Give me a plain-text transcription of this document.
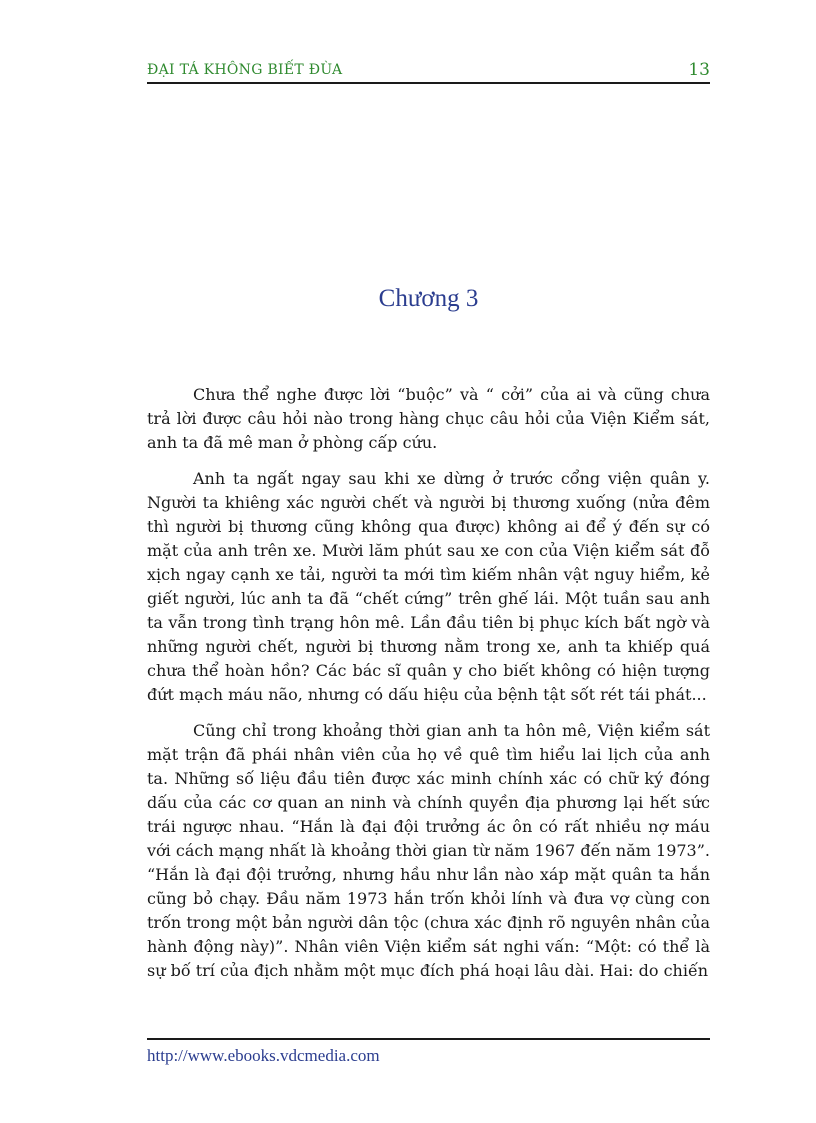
ĐẠI TÁ KHÔNG BIẾT ĐÙA	13
Chương 3

Chưa thể nghe được lời “buộc” và “ cởi” của ai và cũng chưa trả lời được câu hỏi nào trong hàng chục câu hỏi của Viện Kiểm sát, anh ta đã mê man ở phòng cấp cứu.

Anh ta ngất ngay sau khi xe dừng ở trước cổng viện quân y. Người ta khiêng xác người chết và người bị thương xuống (nửa đêm thì người bị thương cũng không qua được) không ai để ý đến sự có mặt của anh trên xe. Mười lăm phút sau xe con của Viện kiểm sát đỗ xịch ngay cạnh xe tải, người ta mới tìm kiếm nhân vật nguy hiểm, kẻ giết người, lúc anh ta đã “chết cứng” trên ghế lái. Một tuần sau anh ta vẫn trong tình trạng hôn mê. Lần đầu tiên bị phục kích bất ngờ và những người chết, người bị thương nằm trong xe, anh ta khiếp quá chưa thể hoàn hồn? Các bác sĩ quân y cho biết không có hiện tượng đứt mạch máu não, nhưng có dấu hiệu của bệnh tật sốt rét tái phát...

Cũng chỉ trong khoảng thời gian anh ta hôn mê, Viện kiểm sát mặt trận đã phái nhân viên của họ về quê tìm hiểu lai lịch của anh ta. Những số liệu đầu tiên được xác minh chính xác có chữ ký đóng dấu của các cơ quan an ninh và chính quyền địa phương lại hết sức trái ngược nhau. “Hắn là đại đội trưởng ác ôn có rất nhiều nợ máu với cách mạng nhất là khoảng thời gian từ năm 1967 đến năm 1973”. “Hắn là đại đội trưởng, nhưng hầu như lần nào xáp mặt quân ta hắn cũng bỏ chạy. Đầu năm 1973 hắn trốn khỏi lính và đưa vợ cùng con trốn trong một bản người dân tộc (chưa xác định rõ nguyên nhân của hành động này)”. Nhân viên Viện kiểm sát nghi vấn: “Một: có thể là sự bố trí của địch nhằm một mục đích phá hoại lâu dài. Hai: do chiến

http://www.ebooks.vdcmedia.com
